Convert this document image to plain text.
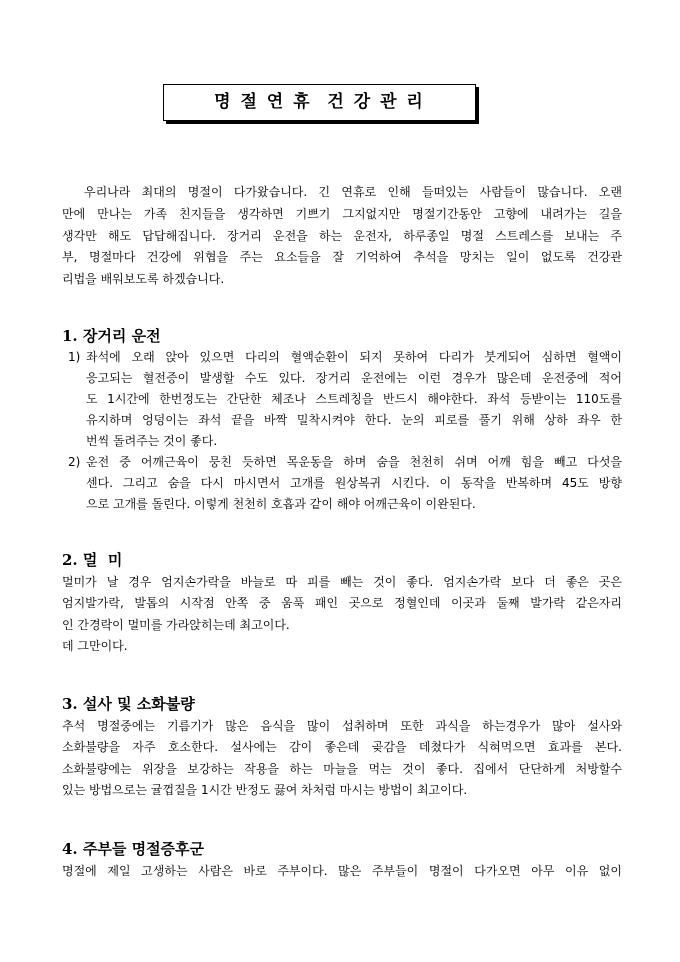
명 절 연 휴  건 강 관 리
우리나라 최대의 명절이 다가왔습니다. 긴 연휴로 인해 들떠있는 사람들이 많습니다. 오랜
만에 만나는 가족 친지들을 생각하면 기쁘기 그지없지만 명절기간동안 고향에 내려가는 길을
생각만 해도 답답해집니다. 장거리 운전을 하는 운전자, 하루종일 명절 스트레스를 보내는 주
부, 명절마다 건강에 위협을 주는 요소들을 잘 기억하여 추석을 망치는 일이 없도록 건강관
리법을 배워보도록 하겠습니다.
1. 장거리 운전
1) 좌석에 오래 앉아 있으면 다리의 혈액순환이 되지 못하여 다리가 붓게되어 심하면 혈액이
응고되는 혈전증이 발생할 수도 있다. 장거리 운전에는 이런 경우가 많은데 운전중에 적어
도 1시간에 한번정도는 간단한 체조나 스트레칭을 반드시 해야한다. 좌석 등받이는 110도를
유지하며 엉덩이는 좌석 끝을 바짝 밀착시켜야 한다. 눈의 피로를 풀기 위해 상하 좌우 한
번씩 돌려주는 것이 좋다.
2) 운전 중 어깨근육이 뭉친 듯하면 목운동을 하며 숨을 천천히 쉬며 어깨 힘을 빼고 다섯을
센다. 그리고 숨을 다시 마시면서 고개를 원상복귀 시킨다. 이 동작을 반복하며 45도 방향
으로 고개를 돌린다. 이렇게 천천히 호흡과 같이 해야 어깨근육이 이완된다.
2. 멀  미
멀미가 날 경우 엄지손가락을 바늘로 따 피를 빼는 것이 좋다. 엄지손가락 보다 더 좋은 곳은
엄지발가락, 발톱의 시작점 안쪽 중 움푹 패인 곳으로 정혈인데 이곳과 둘째 발가락 같은자리
인 간경락이 멀미를 가라앉히는데 최고이다.
데 그만이다.
3. 설사 및 소화불량
추석 명절중에는 기름기가 많은 음식을 많이 섭취하며 또한 과식을 하는경우가 많아 설사와
소화불량을 자주 호소한다. 설사에는 감이 좋은데 곶감을 데쳤다가 식혀먹으면 효과를 본다.
소화불량에는 위장을 보강하는 작용을 하는 마늘을 먹는 것이 좋다. 집에서 단단하게 처방할수
있는 방법으로는 귤껍질을 1시간 반정도 끓여 차처럼 마시는 방법이 최고이다.
4. 주부들 명절증후군
명절에 제일 고생하는 사람은 바로 주부이다. 많은 주부들이 명절이 다가오면 아무 이유 없이
